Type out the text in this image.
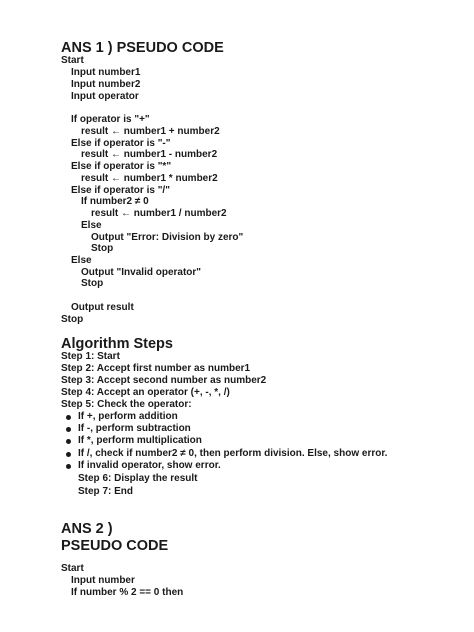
ANS 1 ) PSEUDO CODE
Start
Input number1
Input number2
Input operator
If operator is "+"
result ← number1 + number2
Else if operator is "-"
result ← number1 - number2
Else if operator is "*"
result ← number1 * number2
Else if operator is "/"
If number2 ≠ 0
result ← number1 / number2
Else
Output "Error: Division by zero"
Stop
Else
Output "Invalid operator"
Stop
Output result
Stop
Algorithm Steps
Step 1: Start
Step 2: Accept first number as number1
Step 3: Accept second number as number2
Step 4: Accept an operator (+, -, *, /)
Step 5: Check the operator:
If +, perform addition
If -, perform subtraction
If *, perform multiplication
If /, check if number2 ≠ 0, then perform division. Else, show error.
If invalid operator, show error.
Step 6: Display the result
Step 7: End
ANS 2 )
PSEUDO CODE
Start
Input number
If number % 2 == 0 then
